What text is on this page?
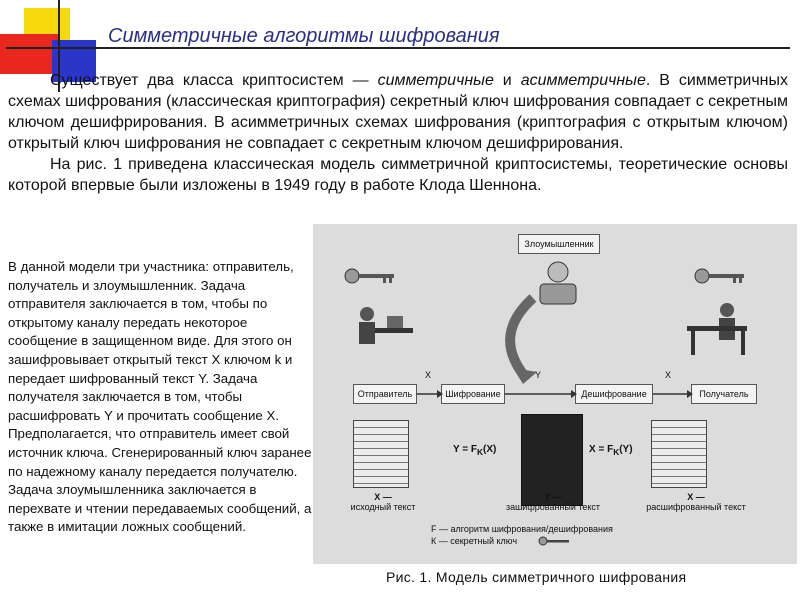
Симметричные алгоритмы шифрования

Существует два класса криптосистем — симметричные и асимметричные. В симметричных схемах шифрования (классическая криптография) секретный ключ шифрования совпадает с секретным ключом дешифрирования. В асимметричных схемах шифрования (криптография с открытым ключом) открытый ключ шифрования не совпадает с секретным ключом дешифрирования.

На рис. 1 приведена классическая модель симметричной криптосистемы, теоретические основы которой впервые были изложены в 1949 году в работе Клода Шеннона.

В данной модели три участника: отправитель, получатель и злоумышленник. Задача отправителя заключается в том, чтобы по открытому каналу передать некоторое сообщение в защищенном виде. Для этого он зашифровывает открытый текст X ключом k и передает шифрованный текст Y. Задача получателя заключается в том, чтобы расшифровать Y и прочитать сообщение X. Предполагается, что отправитель имеет свой источник ключа. Сгенерированный ключ заранее по надежному каналу передается получателю. Задача злоумышленника заключается в перехвате и чтении передаваемых сообщений, а также в имитации ложных сообщений.
Злоумышленник
Отправитель	Шифрование	Дешифрование	Получатель
X	Y	X
$Y = F_K(X)$	$X = F_K(Y)$
X —
исходный текст
Y —
зашифрованный текст
X —
расшифрованный текст
F — алгоритм шифрования/дешифрования
К — секретный ключ
Рис. 1. Модель симметричного шифрования
